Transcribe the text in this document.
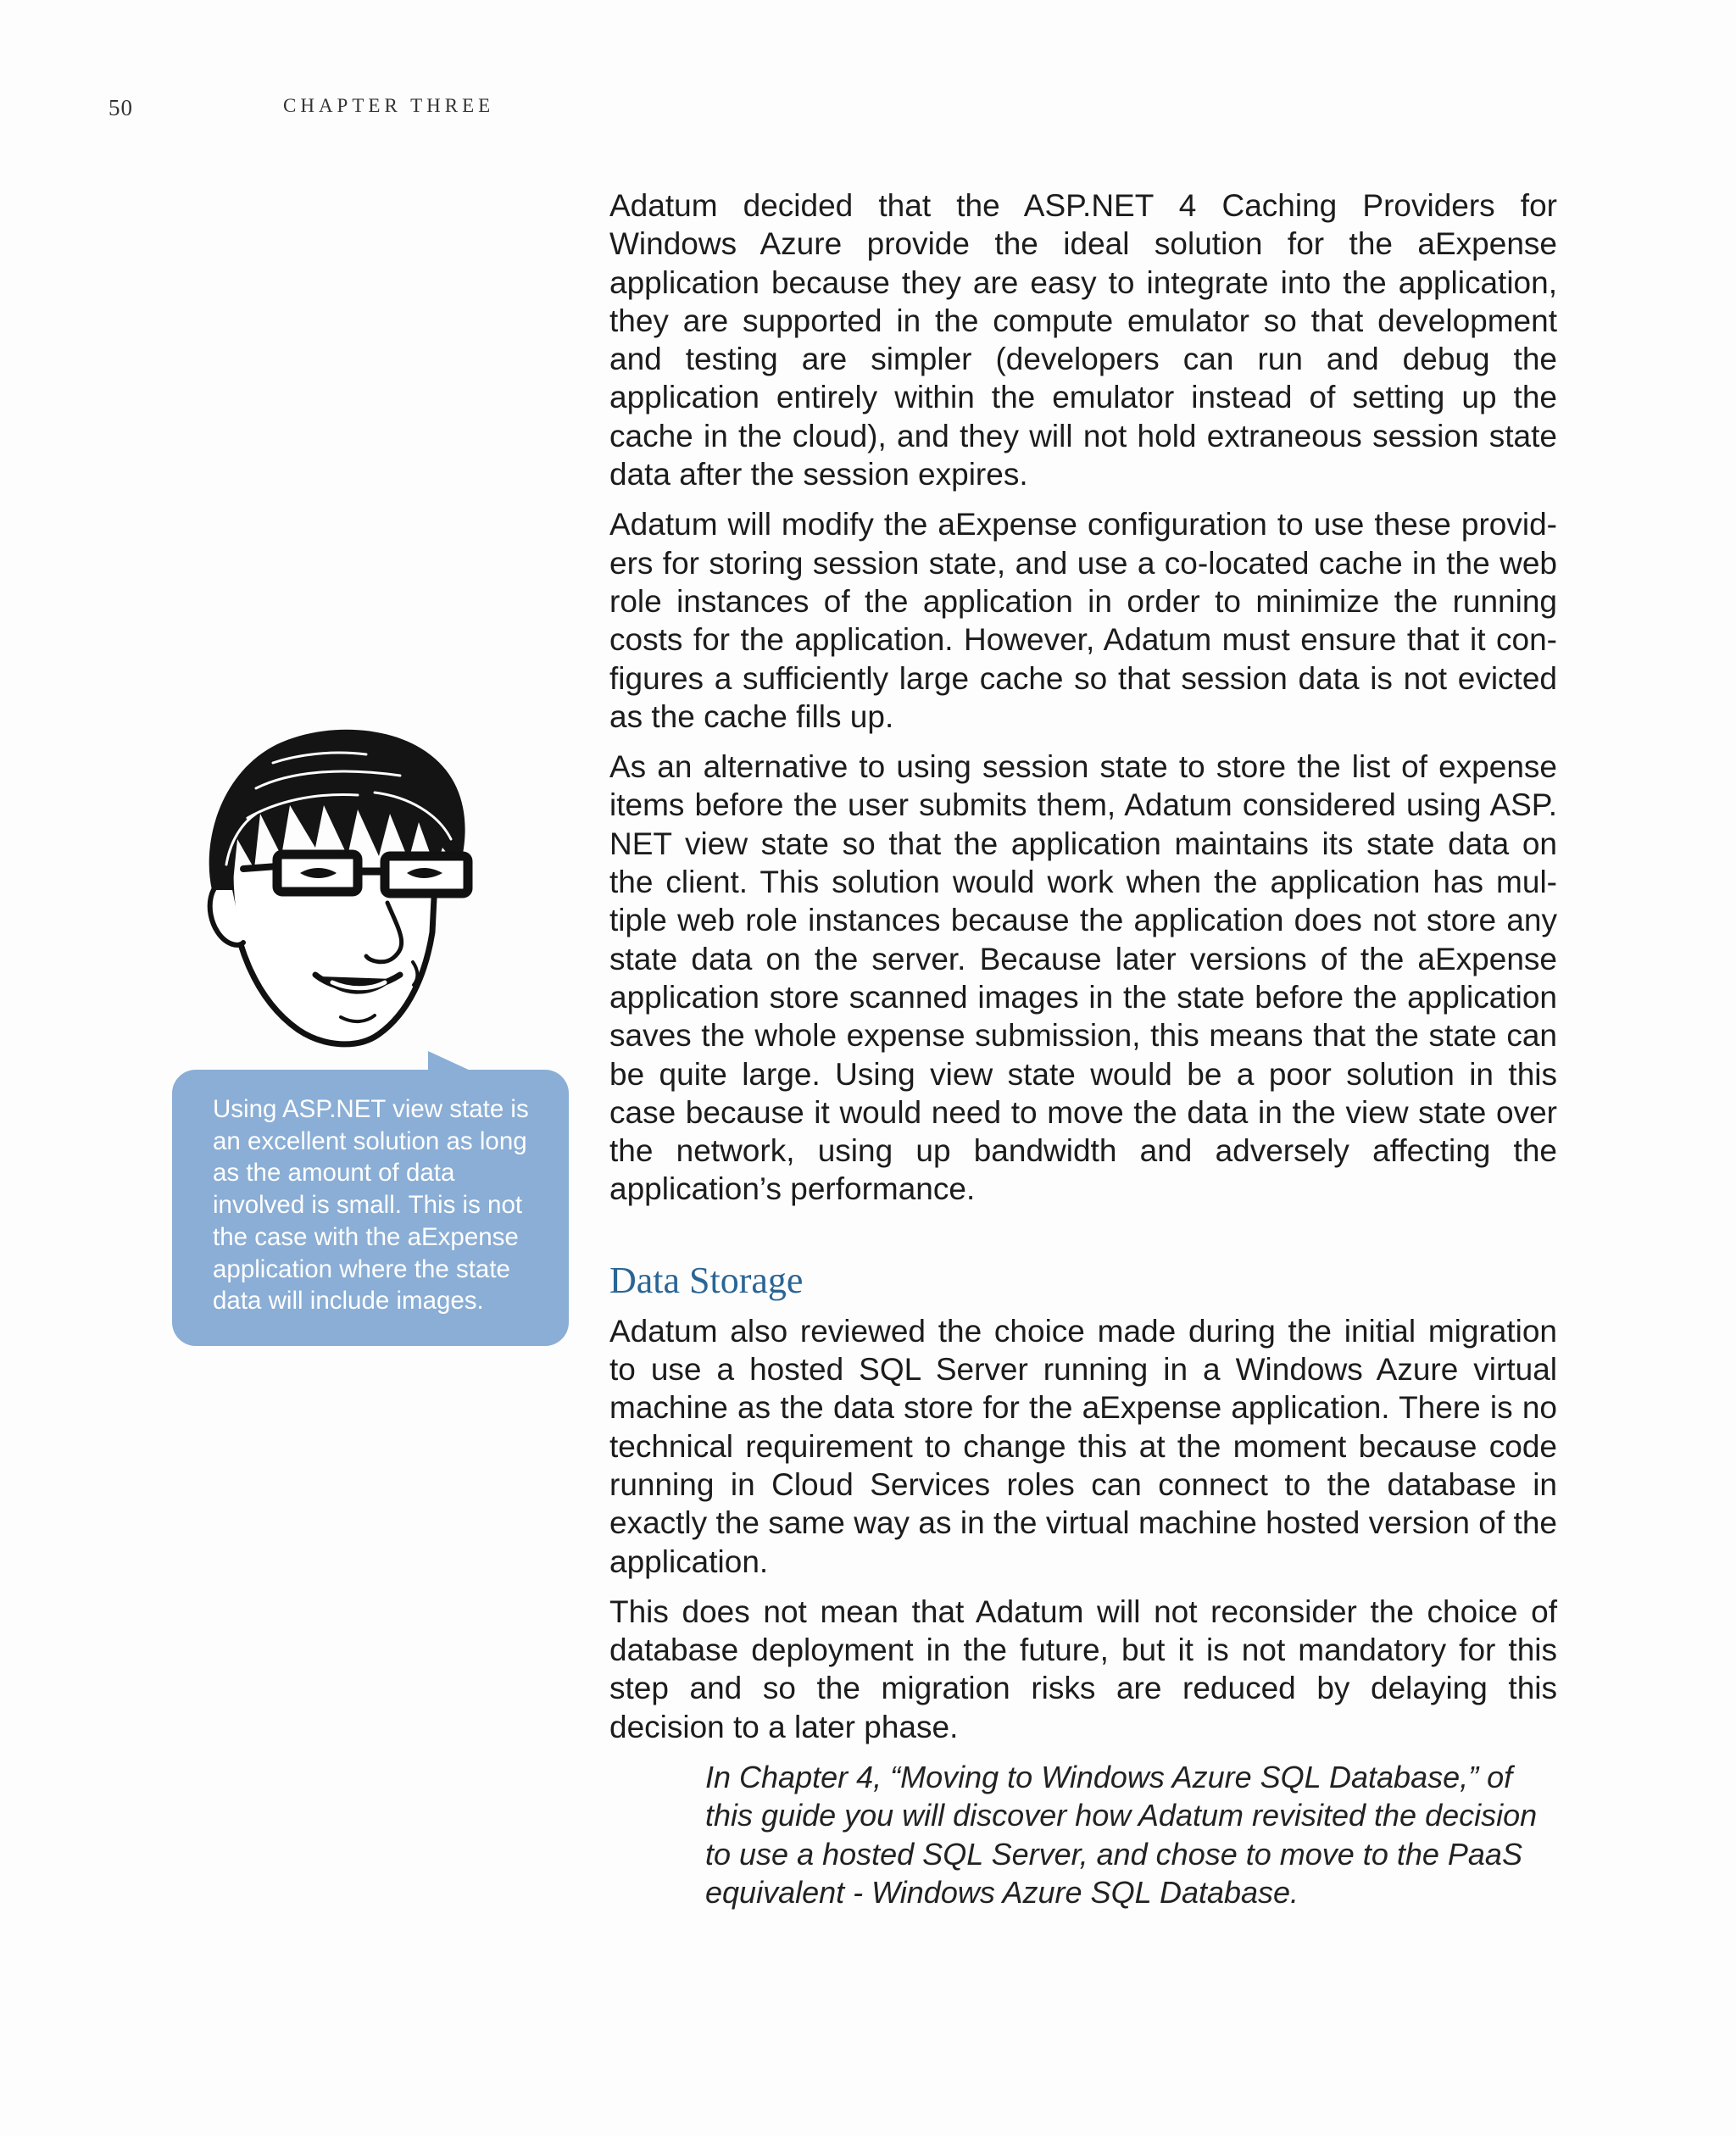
50	CHAPTER THREE

Using ASP.NET view state is an excellent solution as long as the amount of data involved is small. This is not the case with the aExpense application where the state data will include images.

Adatum decided that the ASP.NET 4 Caching Providers for Windows Azure provide the ideal solution for the aExpense application because they are easy to integrate into the application, they are supported in the compute emulator so that development and testing are simpler (developers can run and debug the application entirely within the emulator instead of setting up the cache in the cloud), and they will not hold extraneous session state data after the session expires.

Adatum will modify the aExpense configuration to use these providers for storing session state, and use a co-located cache in the web role instances of the application in order to minimize the running costs for the application. However, Adatum must ensure that it configures a sufficiently large cache so that session data is not evicted as the cache fills up.

As an alternative to using session state to store the list of expense items before the user submits them, Adatum considered using ASP.​NET view state so that the application maintains its state data on the client. This solution would work when the application has multiple web role instances because the application does not store any state data on the server. Because later versions of the aExpense application store scanned images in the state before the application saves the whole expense submission, this means that the state can be quite large. Using view state would be a poor solution in this case because it would need to move the data in the view state over the network, using up bandwidth and adversely affecting the application’s performance.

Data Storage

Adatum also reviewed the choice made during the initial migration to use a hosted SQL Server running in a Windows Azure virtual machine as the data store for the aExpense application. There is no technical requirement to change this at the moment because code running in Cloud Services roles can connect to the database in exactly the same way as in the virtual machine hosted version of the application.

This does not mean that Adatum will not reconsider the choice of database deployment in the future, but it is not mandatory for this step and so the migration risks are reduced by delaying this decision to a later phase.

In Chapter 4, “Moving to Windows Azure SQL Database,” of this guide you will discover how Adatum revisited the decision to use a hosted SQL Server, and chose to move to the PaaS equivalent - Windows Azure SQL Database.
